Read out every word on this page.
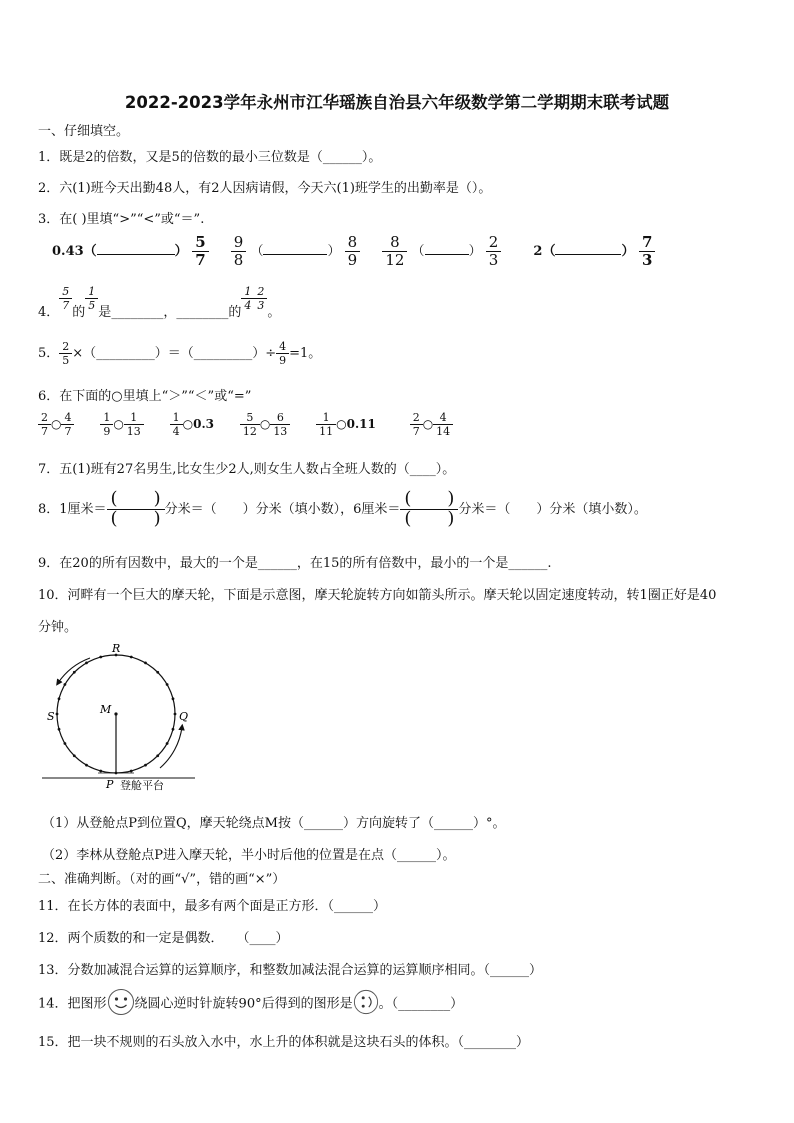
2022-2023学年永州市江华瑶族自治县六年级数学第二学期期末联考试题
一、仔细填空。
1．既是2的倍数，又是5的倍数的最小三位数是（______）。
2．六(1)班今天出勤48人，有2人因病请假，今天六(1)班学生的出勤率是（）。
3．在( )里填“>”“<”或“＝”.
0.43（	） $\frac{5}{7}$
$\frac{9}{8}$ （	） $\frac{8}{9}$
$\frac{8}{12}$ （	） $\frac{2}{3} 2$（	） $\frac{7}{3}$
4．
$\frac{5}{7}$
的
$\frac{1}{5}$
是________，________的
$\frac{1}{4} \frac{2}{3}$
。
5． $\frac{2}{5}$ ×（_________）＝（_________）÷ $\frac{4}{9} =1$。
6．在下面的○里填上“＞”“＜”或“=”
$\frac{2}{7}$ ○ $\frac{4}{7}$
$\frac{1}{9}$ ○ $\frac{1}{13}$
$\frac{1}{4}$ ○0.3 $\frac{5}{12}$ ○ $\frac{6}{13}$
$\frac{1}{11}$ ○0.11	$\frac{2}{7}$ ○ $\frac{4}{14}$
7．五(1)班有27名男生,比女生少2人,则女生人数占全班人数的（____）。
8．1厘米＝ $\frac{( )}{( )}$ 分米＝（　　）分米（填小数），6厘米＝ $\frac{( )}{( )}$ 分米＝（　　）分米（填小数）。
9．在20的所有因数中，最大的一个是______，在15的所有倍数中，最小的一个是______.
10．河畔有一个巨大的摩天轮，下面是示意图，摩天轮旋转方向如箭头所示。摩天轮以固定速度转动，转1圈正好是40
分钟。
R
S	Q
M
P 登舱平台
（1）从登舱点P到位置Q，摩天轮绕点M按（______）方向旋转了（______）°。
（2）李林从登舱点P进入摩天轮，半小时后他的位置是在点（______）。
二、准确判断。（对的画“√”，错的画“×”）
11．在长方体的表面中，最多有两个面是正方形．（______）
12．两个质数的和一定是偶数．　　（____）
13．分数加减混合运算的运算顺序，和整数加减法混合运算的运算顺序相同。（______）
14．把图形 绕圆心逆时针旋转90°后得到的图形是 。（________）
15．把一块不规则的石头放入水中，水上升的体积就是这块石头的体积。（________）
